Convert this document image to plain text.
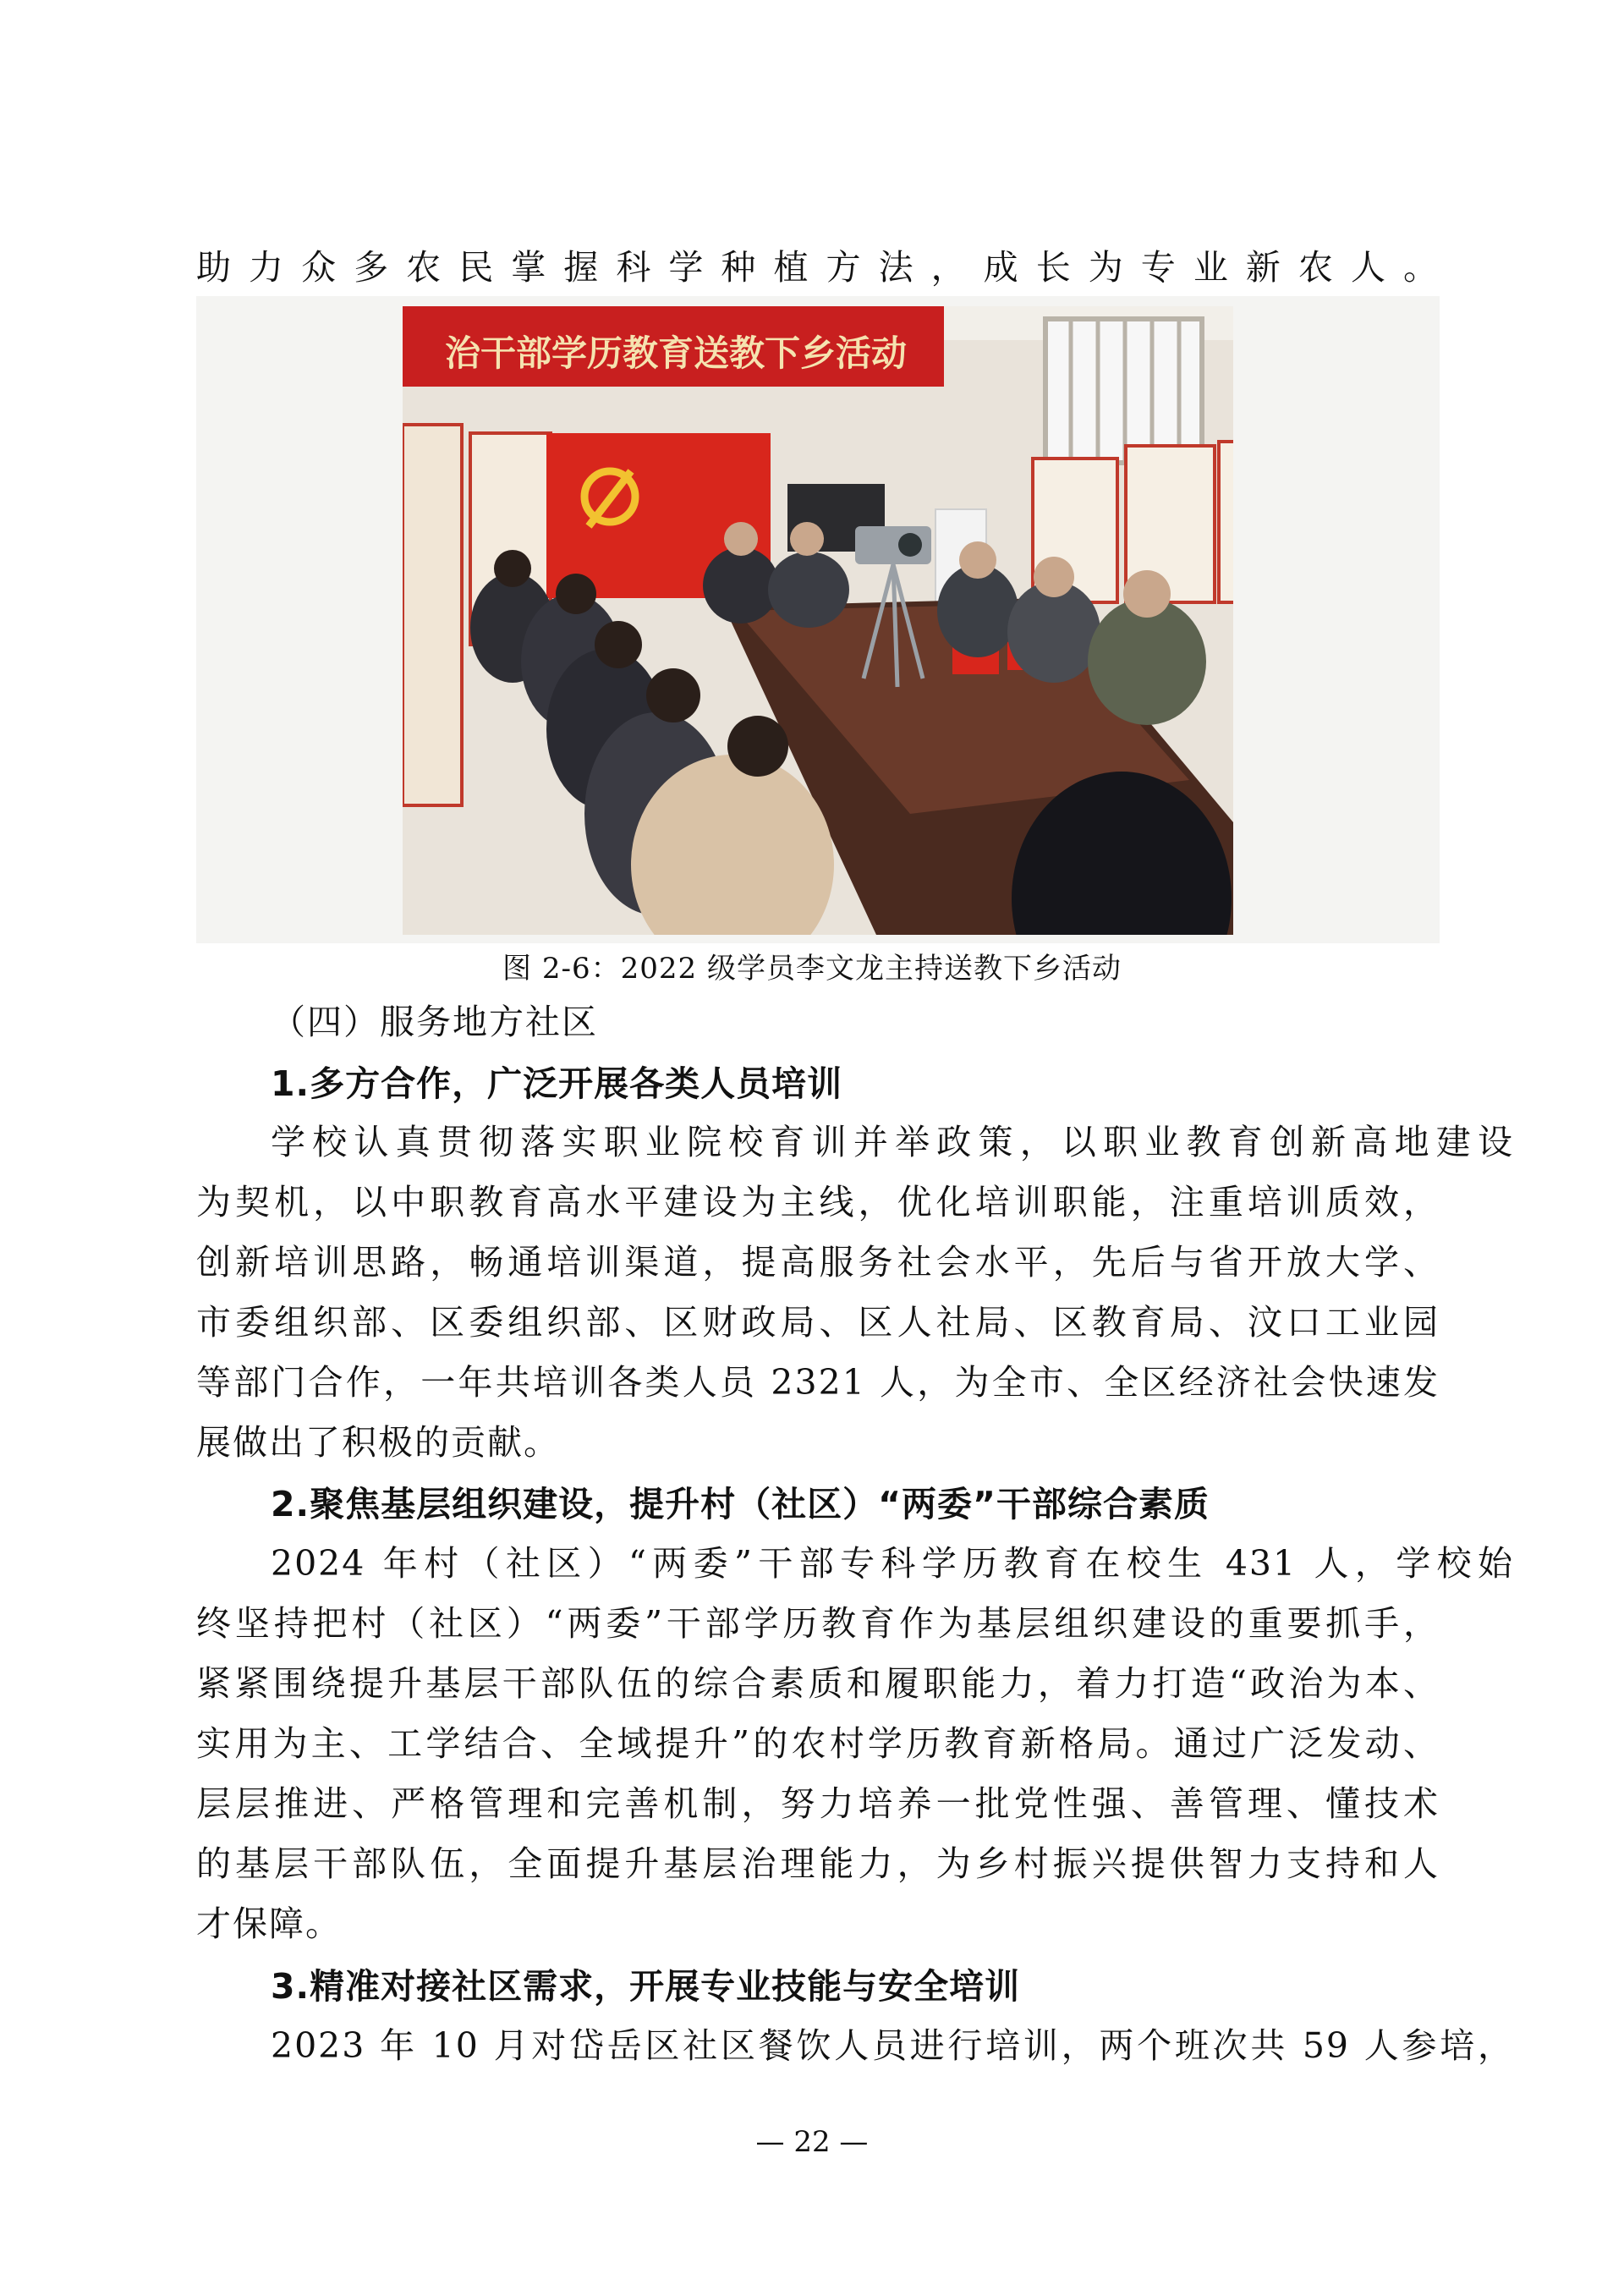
助力众多农民掌握科学种植方法，成长为专业新农人。
治干部学历教育送教下乡活动
图 2-6：2022 级学员李文龙主持送教下乡活动
（四）服务地方社区
1.多方合作，广泛开展各类人员培训
学校认真贯彻落实职业院校育训并举政策，以职业教育创新高地建设
为契机，以中职教育高水平建设为主线，优化培训职能，注重培训质效，
创新培训思路，畅通培训渠道，提高服务社会水平，先后与省开放大学、
市委组织部、区委组织部、区财政局、区人社局、区教育局、汶口工业园
等部门合作，一年共培训各类人员 2321 人，为全市、全区经济社会快速发
展做出了积极的贡献。
2.聚焦基层组织建设，提升村（社区）“两委”干部综合素质
2024 年村（社区）“两委”干部专科学历教育在校生 431 人，学校始
终坚持把村（社区）“两委”干部学历教育作为基层组织建设的重要抓手，
紧紧围绕提升基层干部队伍的综合素质和履职能力，着力打造“政治为本、
实用为主、工学结合、全域提升”的农村学历教育新格局。通过广泛发动、
层层推进、严格管理和完善机制，努力培养一批党性强、善管理、懂技术
的基层干部队伍，全面提升基层治理能力，为乡村振兴提供智力支持和人
才保障。
3.精准对接社区需求，开展专业技能与安全培训
2023 年 10 月对岱岳区社区餐饮人员进行培训，两个班次共 59 人参培，
— 22 —
